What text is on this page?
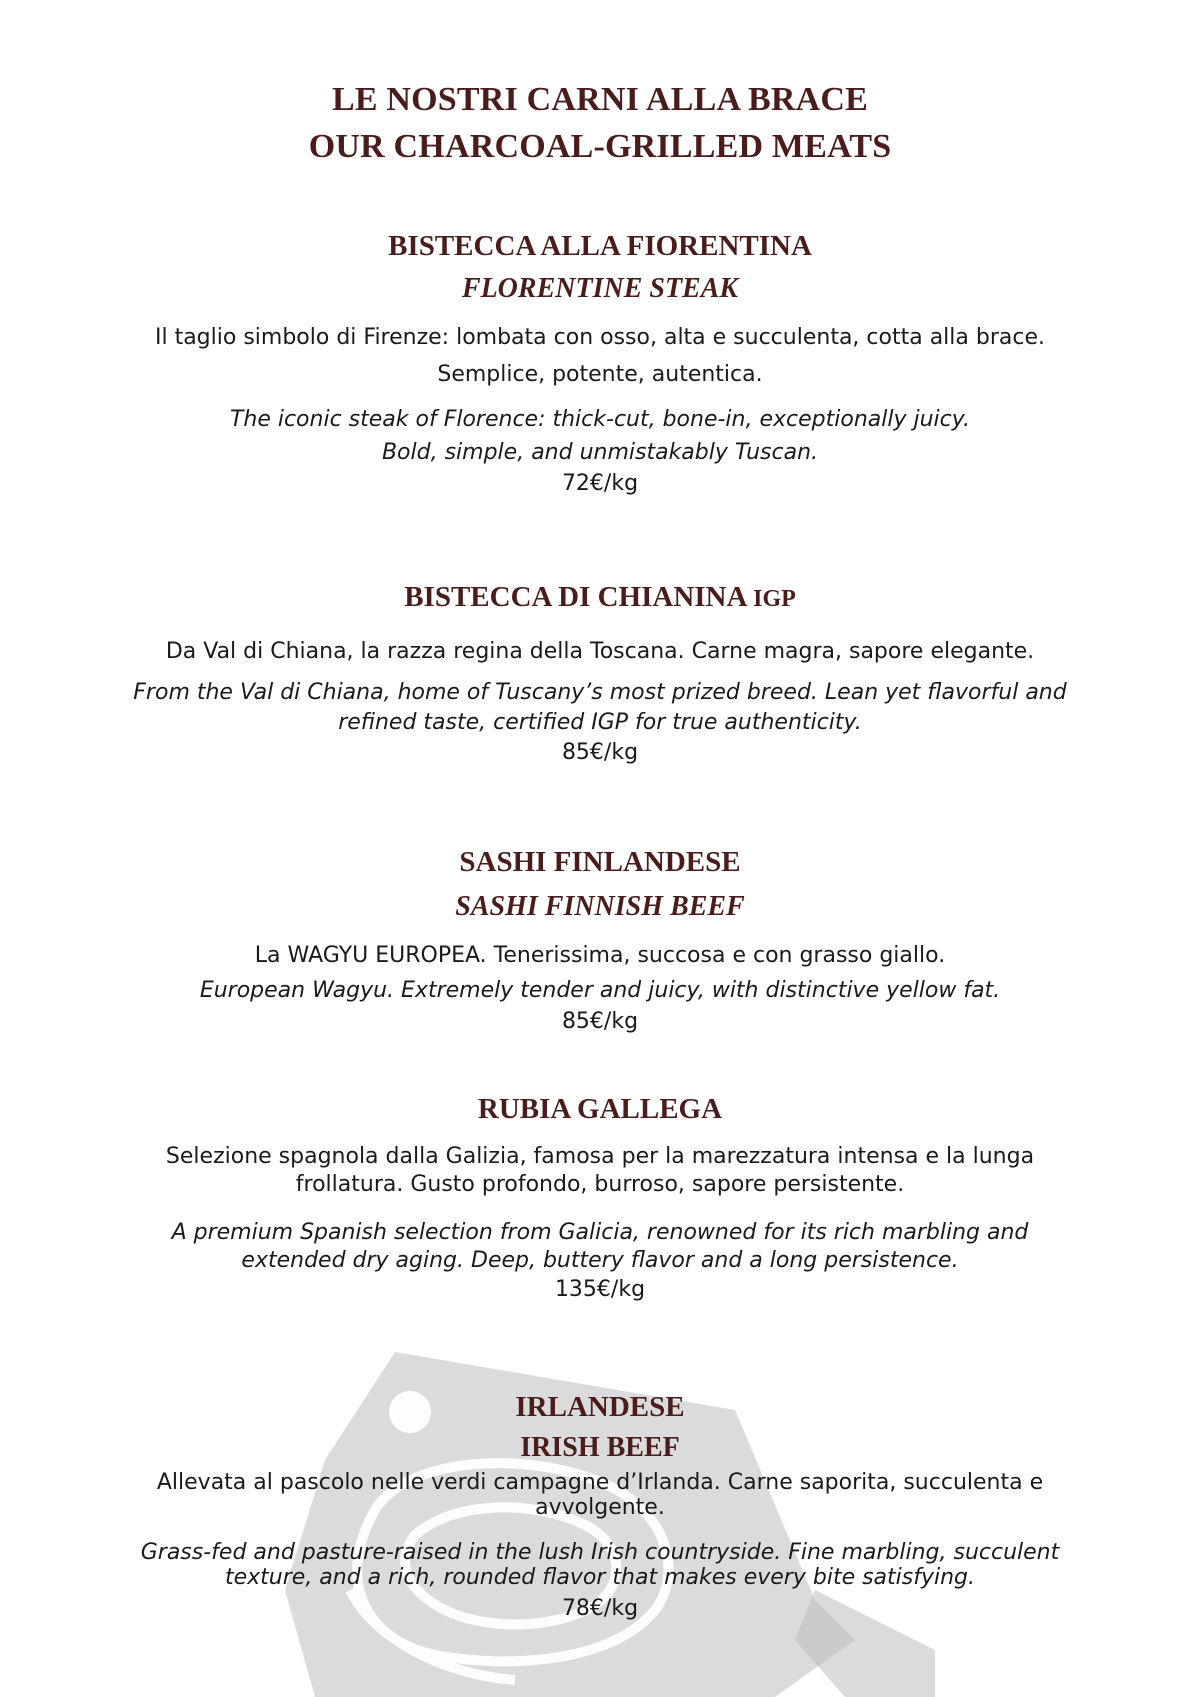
LE NOSTRI CARNI ALLA BRACE
OUR CHARCOAL-GRILLED MEATS
BISTECCA ALLA FIORENTINA
FLORENTINE STEAK

Il taglio simbolo di Firenze: lombata con osso, alta e succulenta, cotta alla brace.
Semplice, potente, autentica.

The iconic steak of Florence: thick-cut, bone-in, exceptionally juicy.
Bold, simple, and unmistakably Tuscan.

72€/kg

BISTECCA DI CHIANINA IGP

Da Val di Chiana, la razza regina della Toscana. Carne magra, sapore elegante.

From the Val di Chiana, home of Tuscany’s most prized breed. Lean yet flavorful and
refined taste, certified IGP for true authenticity.

85€/kg

SASHI FINLANDESE
SASHI FINNISH BEEF

La WAGYU EUROPEA. Tenerissima, succosa e con grasso giallo.

European Wagyu. Extremely tender and juicy, with distinctive yellow fat.

85€/kg

RUBIA GALLEGA

Selezione spagnola dalla Galizia, famosa per la marezzatura intensa e la lunga
frollatura. Gusto profondo, burroso, sapore persistente.

A premium Spanish selection from Galicia, renowned for its rich marbling and
extended dry aging. Deep, buttery flavor and a long persistence.

135€/kg

IRLANDESE
IRISH BEEF

Allevata al pascolo nelle verdi campagne d’Irlanda. Carne saporita, succulenta e
avvolgente.

Grass-fed and pasture-raised in the lush Irish countryside. Fine marbling, succulent
texture, and a rich, rounded flavor that makes every bite satisfying.

78€/kg
